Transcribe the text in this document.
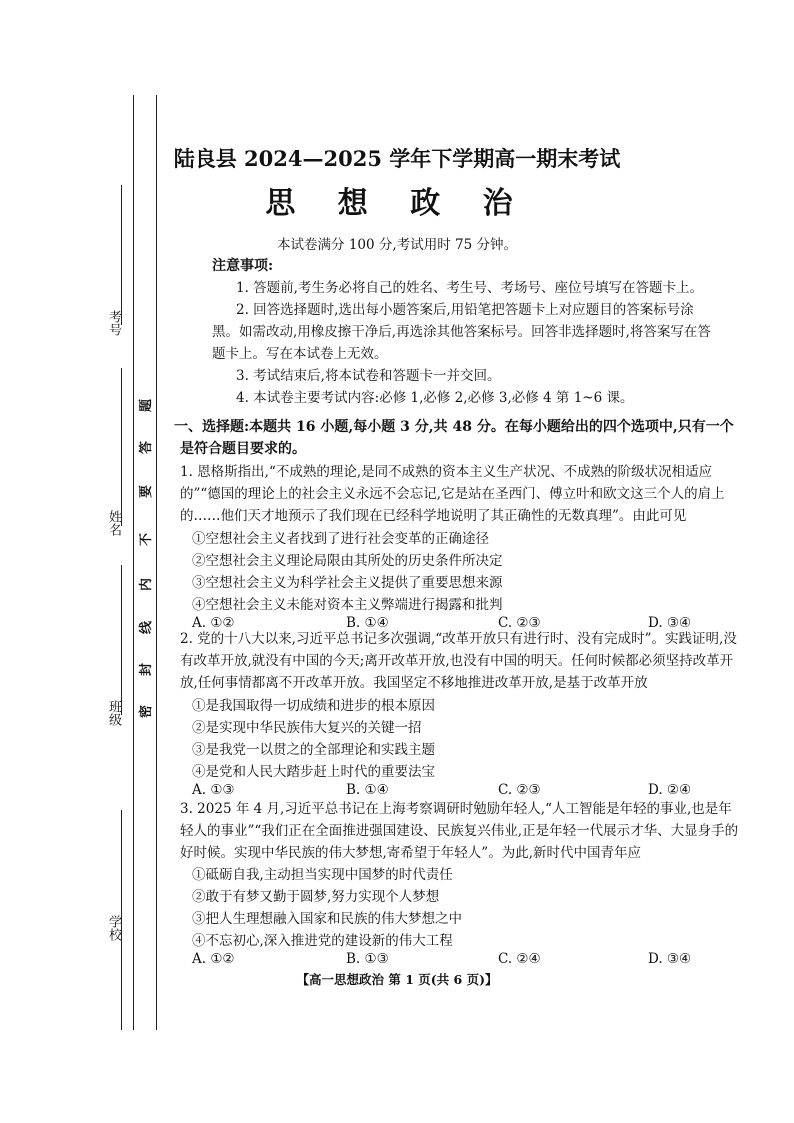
考号
姓名
班级
学校
题
答
要
不
内
线
封
密
陆良县 2024—2025 学年下学期高一期末考试
思 想 政 治
本试卷满分 100 分,考试用时 75 分钟。
注意事项:
1. 答题前,考生务必将自己的姓名、考生号、考场号、座位号填写在答题卡上。
2. 回答选择题时,选出每小题答案后,用铅笔把答题卡上对应题目的答案标号涂黑。如需改动,用橡皮擦干净后,再选涂其他答案标号。回答非选择题时,将答案写在答题卡上。写在本试卷上无效。
3. 考试结束后,将本试卷和答题卡一并交回。
4. 本试卷主要考试内容:必修 1,必修 2,必修 3,必修 4 第 1~6 课。
一、选择题:本题共 16 小题,每小题 3 分,共 48 分。在每小题给出的四个选项中,只有一个是符合题目要求的。
1. 恩格斯指出,“不成熟的理论,是同不成熟的资本主义生产状况、不成熟的阶级状况相适应的”“德国的理论上的社会主义永远不会忘记,它是站在圣西门、傅立叶和欧文这三个人的肩上的……他们天才地预示了我们现在已经科学地说明了其正确性的无数真理”。由此可见
①空想社会主义者找到了进行社会变革的正确途径
②空想社会主义理论局限由其所处的历史条件所决定
③空想社会主义为科学社会主义提供了重要思想来源
④空想社会主义未能对资本主义弊端进行揭露和批判
A. ①②	B. ①④	C. ②③	D. ③④
2. 党的十八大以来,习近平总书记多次强调,“改革开放只有进行时、没有完成时”。实践证明,没有改革开放,就没有中国的今天;离开改革开放,也没有中国的明天。任何时候都必须坚持改革开放,任何事情都离不开改革开放。我国坚定不移地推进改革开放,是基于改革开放
①是我国取得一切成绩和进步的根本原因
②是实现中华民族伟大复兴的关键一招
③是我党一以贯之的全部理论和实践主题
④是党和人民大踏步赶上时代的重要法宝
A. ①③	B. ①④	C. ②③	D. ②④
3. 2025 年 4 月,习近平总书记在上海考察调研时勉励年轻人,“人工智能是年轻的事业,也是年轻人的事业”“我们正在全面推进强国建设、民族复兴伟业,正是年轻一代展示才华、大显身手的好时候。实现中华民族的伟大梦想,寄希望于年轻人”。为此,新时代中国青年应
①砥砺自我,主动担当实现中国梦的时代责任
②敢于有梦又勤于圆梦,努力实现个人梦想
③把人生理想融入国家和民族的伟大梦想之中
④不忘初心,深入推进党的建设新的伟大工程
A. ①②	B. ①③	C. ②④	D. ③④
【高一思想政治 第 1 页(共 6 页)】
